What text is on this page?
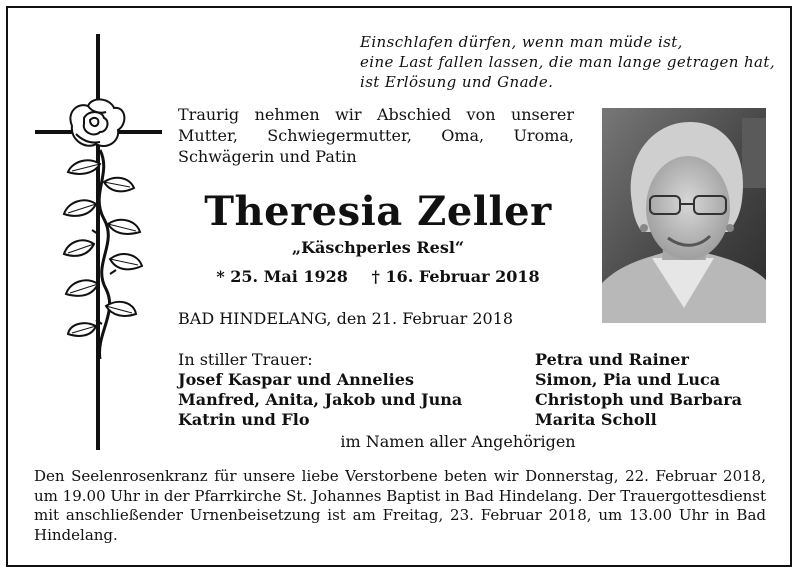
Einschlafen dürfen, wenn man müde ist,
eine Last fallen lassen, die man lange getragen hat,
ist Erlösung und Gnade.
Traurig nehmen wir Abschied von unserer
Mutter, Schwiegermutter, Oma, Uroma,
Schwägerin und Patin
Theresia Zeller
„Käschperles Resl“
* 25. Mai 1928 † 16. Februar 2018
BAD HINDELANG, den 21. Februar 2018
In stiller Trauer:
Josef Kaspar und Annelies
Manfred, Anita, Jakob und Juna
Katrin und Flo
Petra und Rainer
Simon, Pia und Luca
Christoph und Barbara
Marita Scholl
im Namen aller Angehörigen
Den Seelenrosenkranz für unsere liebe Verstorbene beten wir Donnerstag, 22. Februar 2018, um 19.00 Uhr in der Pfarrkirche St. Johannes Baptist in Bad Hindelang. Der Trauergottesdienst mit anschließender Urnenbeisetzung ist am Freitag, 23. Februar 2018, um 13.00 Uhr in Bad Hindelang.
